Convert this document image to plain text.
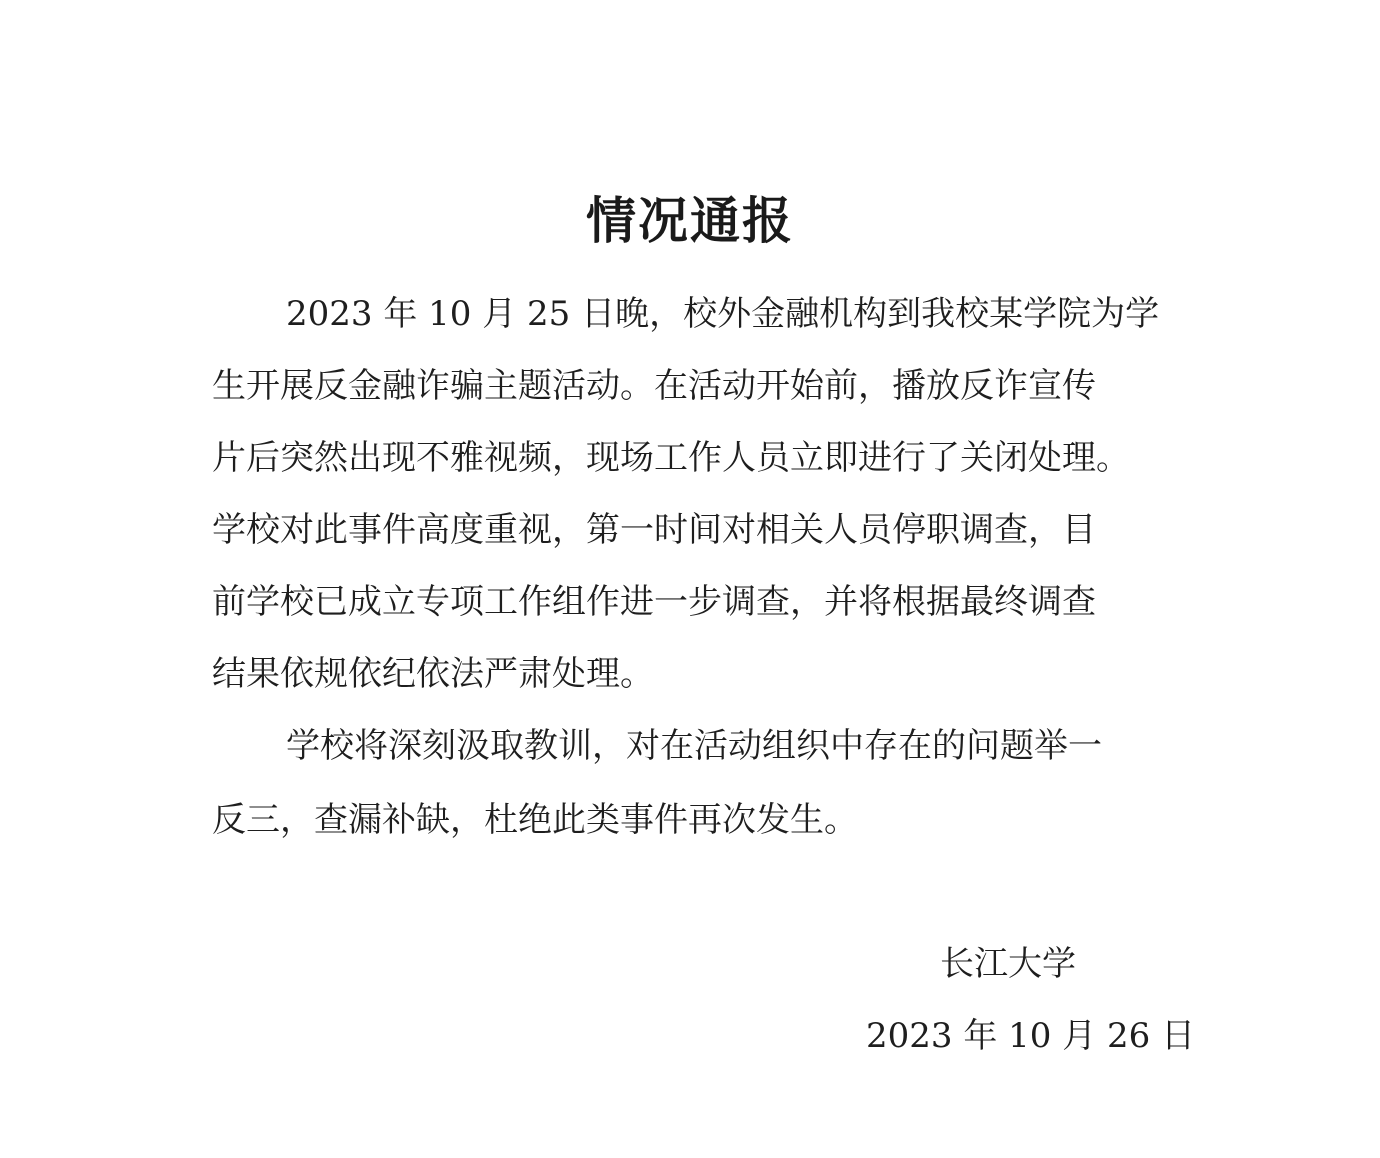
情况通报
2023 年 10 月 25 日晚，校外金融机构到我校某学院为学
生开展反金融诈骗主题活动。在活动开始前，播放反诈宣传
片后突然出现不雅视频，现场工作人员立即进行了关闭处理。
学校对此事件高度重视，第一时间对相关人员停职调查，目
前学校已成立专项工作组作进一步调查，并将根据最终调查
结果依规依纪依法严肃处理。
学校将深刻汲取教训，对在活动组织中存在的问题举一
反三，查漏补缺，杜绝此类事件再次发生。
长江大学
2023 年 10 月 26 日
